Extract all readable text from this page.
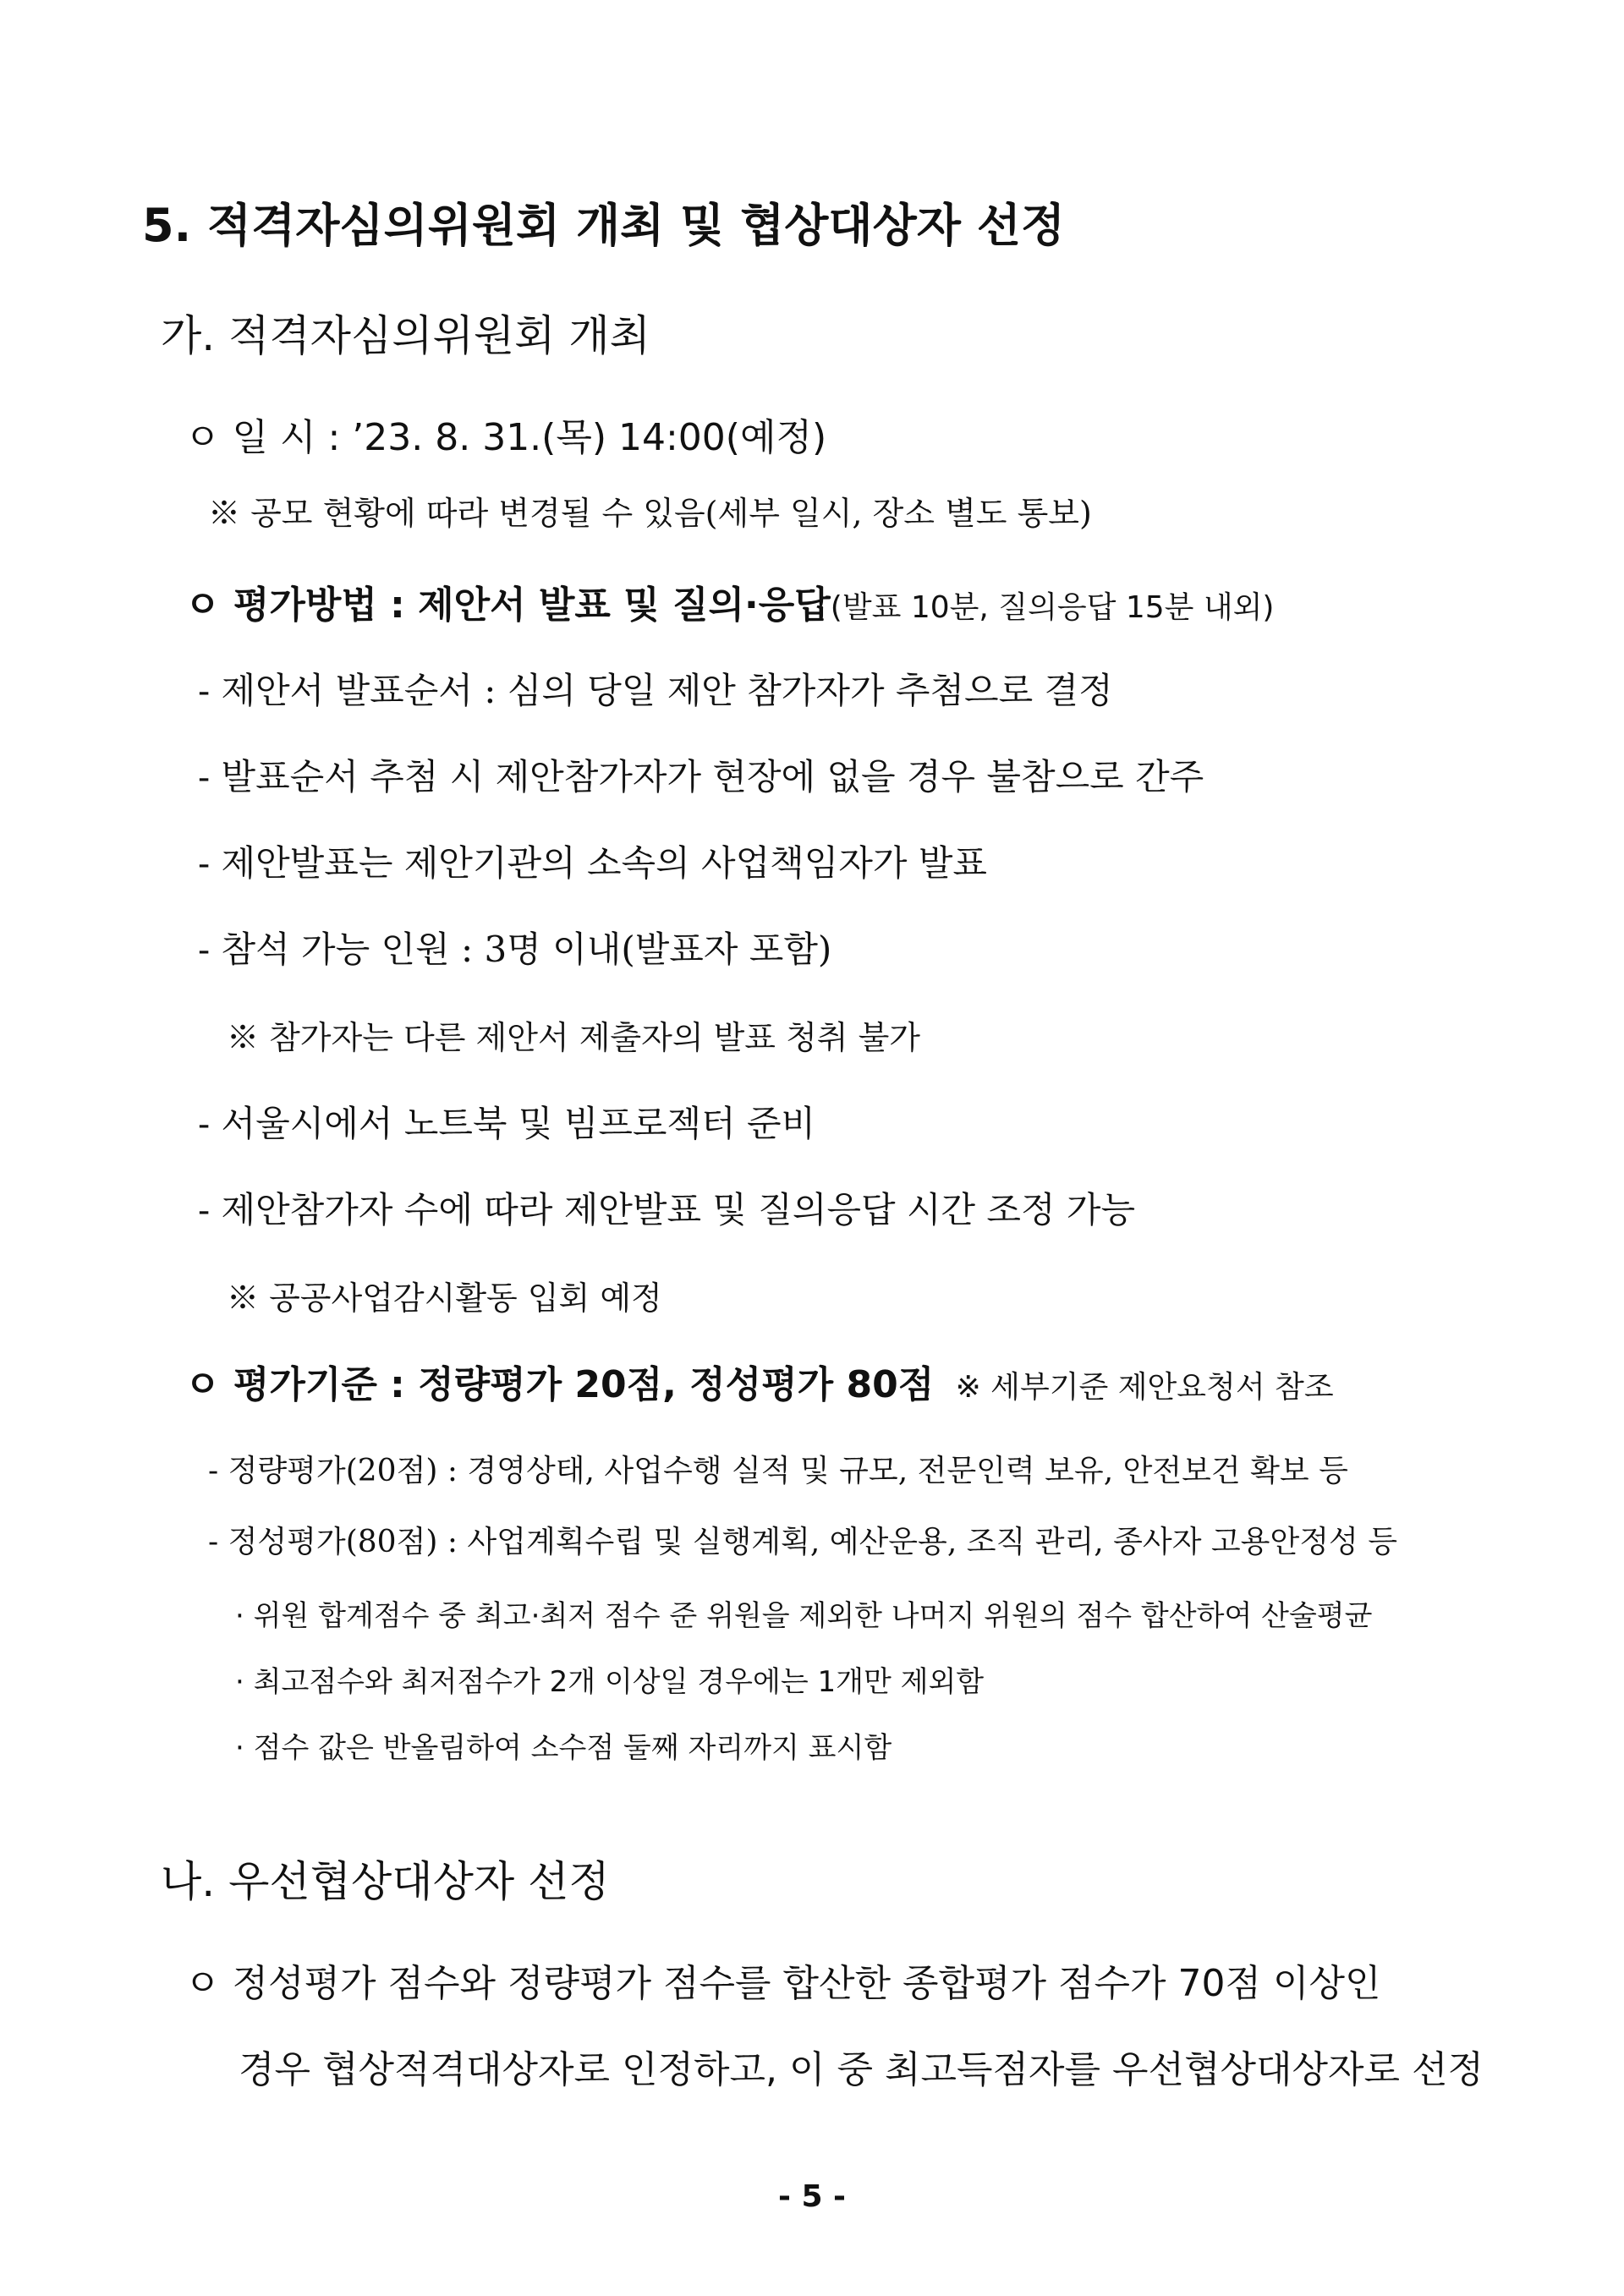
5. 적격자심의위원회 개최 및 협상대상자 선정
가. 적격자심의위원회 개최
ㅇ 일 시 : ’23. 8. 31.(목) 14:00(예정)
※ 공모 현황에 따라 변경될 수 있음(세부 일시, 장소 별도 통보)
ㅇ 평가방법 : 제안서 발표 및 질의·응답(발표 10분, 질의응답 15분 내외)
- 제안서 발표순서 : 심의 당일 제안 참가자가 추첨으로 결정
- 발표순서 추첨 시 제안참가자가 현장에 없을 경우 불참으로 간주
- 제안발표는 제안기관의 소속의 사업책임자가 발표
- 참석 가능 인원 : 3명 이내(발표자 포함)
※ 참가자는 다른 제안서 제출자의 발표 청취 불가
- 서울시에서 노트북 및 빔프로젝터 준비
- 제안참가자 수에 따라 제안발표 및 질의응답 시간 조정 가능
※ 공공사업감시활동 입회 예정
ㅇ 평가기준 : 정량평가 20점, 정성평가 80점 ※ 세부기준 제안요청서 참조
- 정량평가(20점) : 경영상태, 사업수행 실적 및 규모, 전문인력 보유, 안전보건 확보 등
- 정성평가(80점) : 사업계획수립 및 실행계획, 예산운용, 조직 관리, 종사자 고용안정성 등
· 위원 합계점수 중 최고·최저 점수 준 위원을 제외한 나머지 위원의 점수 합산하여 산술평균
· 최고점수와 최저점수가 2개 이상일 경우에는 1개만 제외함
· 점수 값은 반올림하여 소수점 둘째 자리까지 표시함
나. 우선협상대상자 선정
ㅇ 정성평가 점수와 정량평가 점수를 합산한 종합평가 점수가 70점 이상인
경우 협상적격대상자로 인정하고, 이 중 최고득점자를 우선협상대상자로 선정
- 5 -
